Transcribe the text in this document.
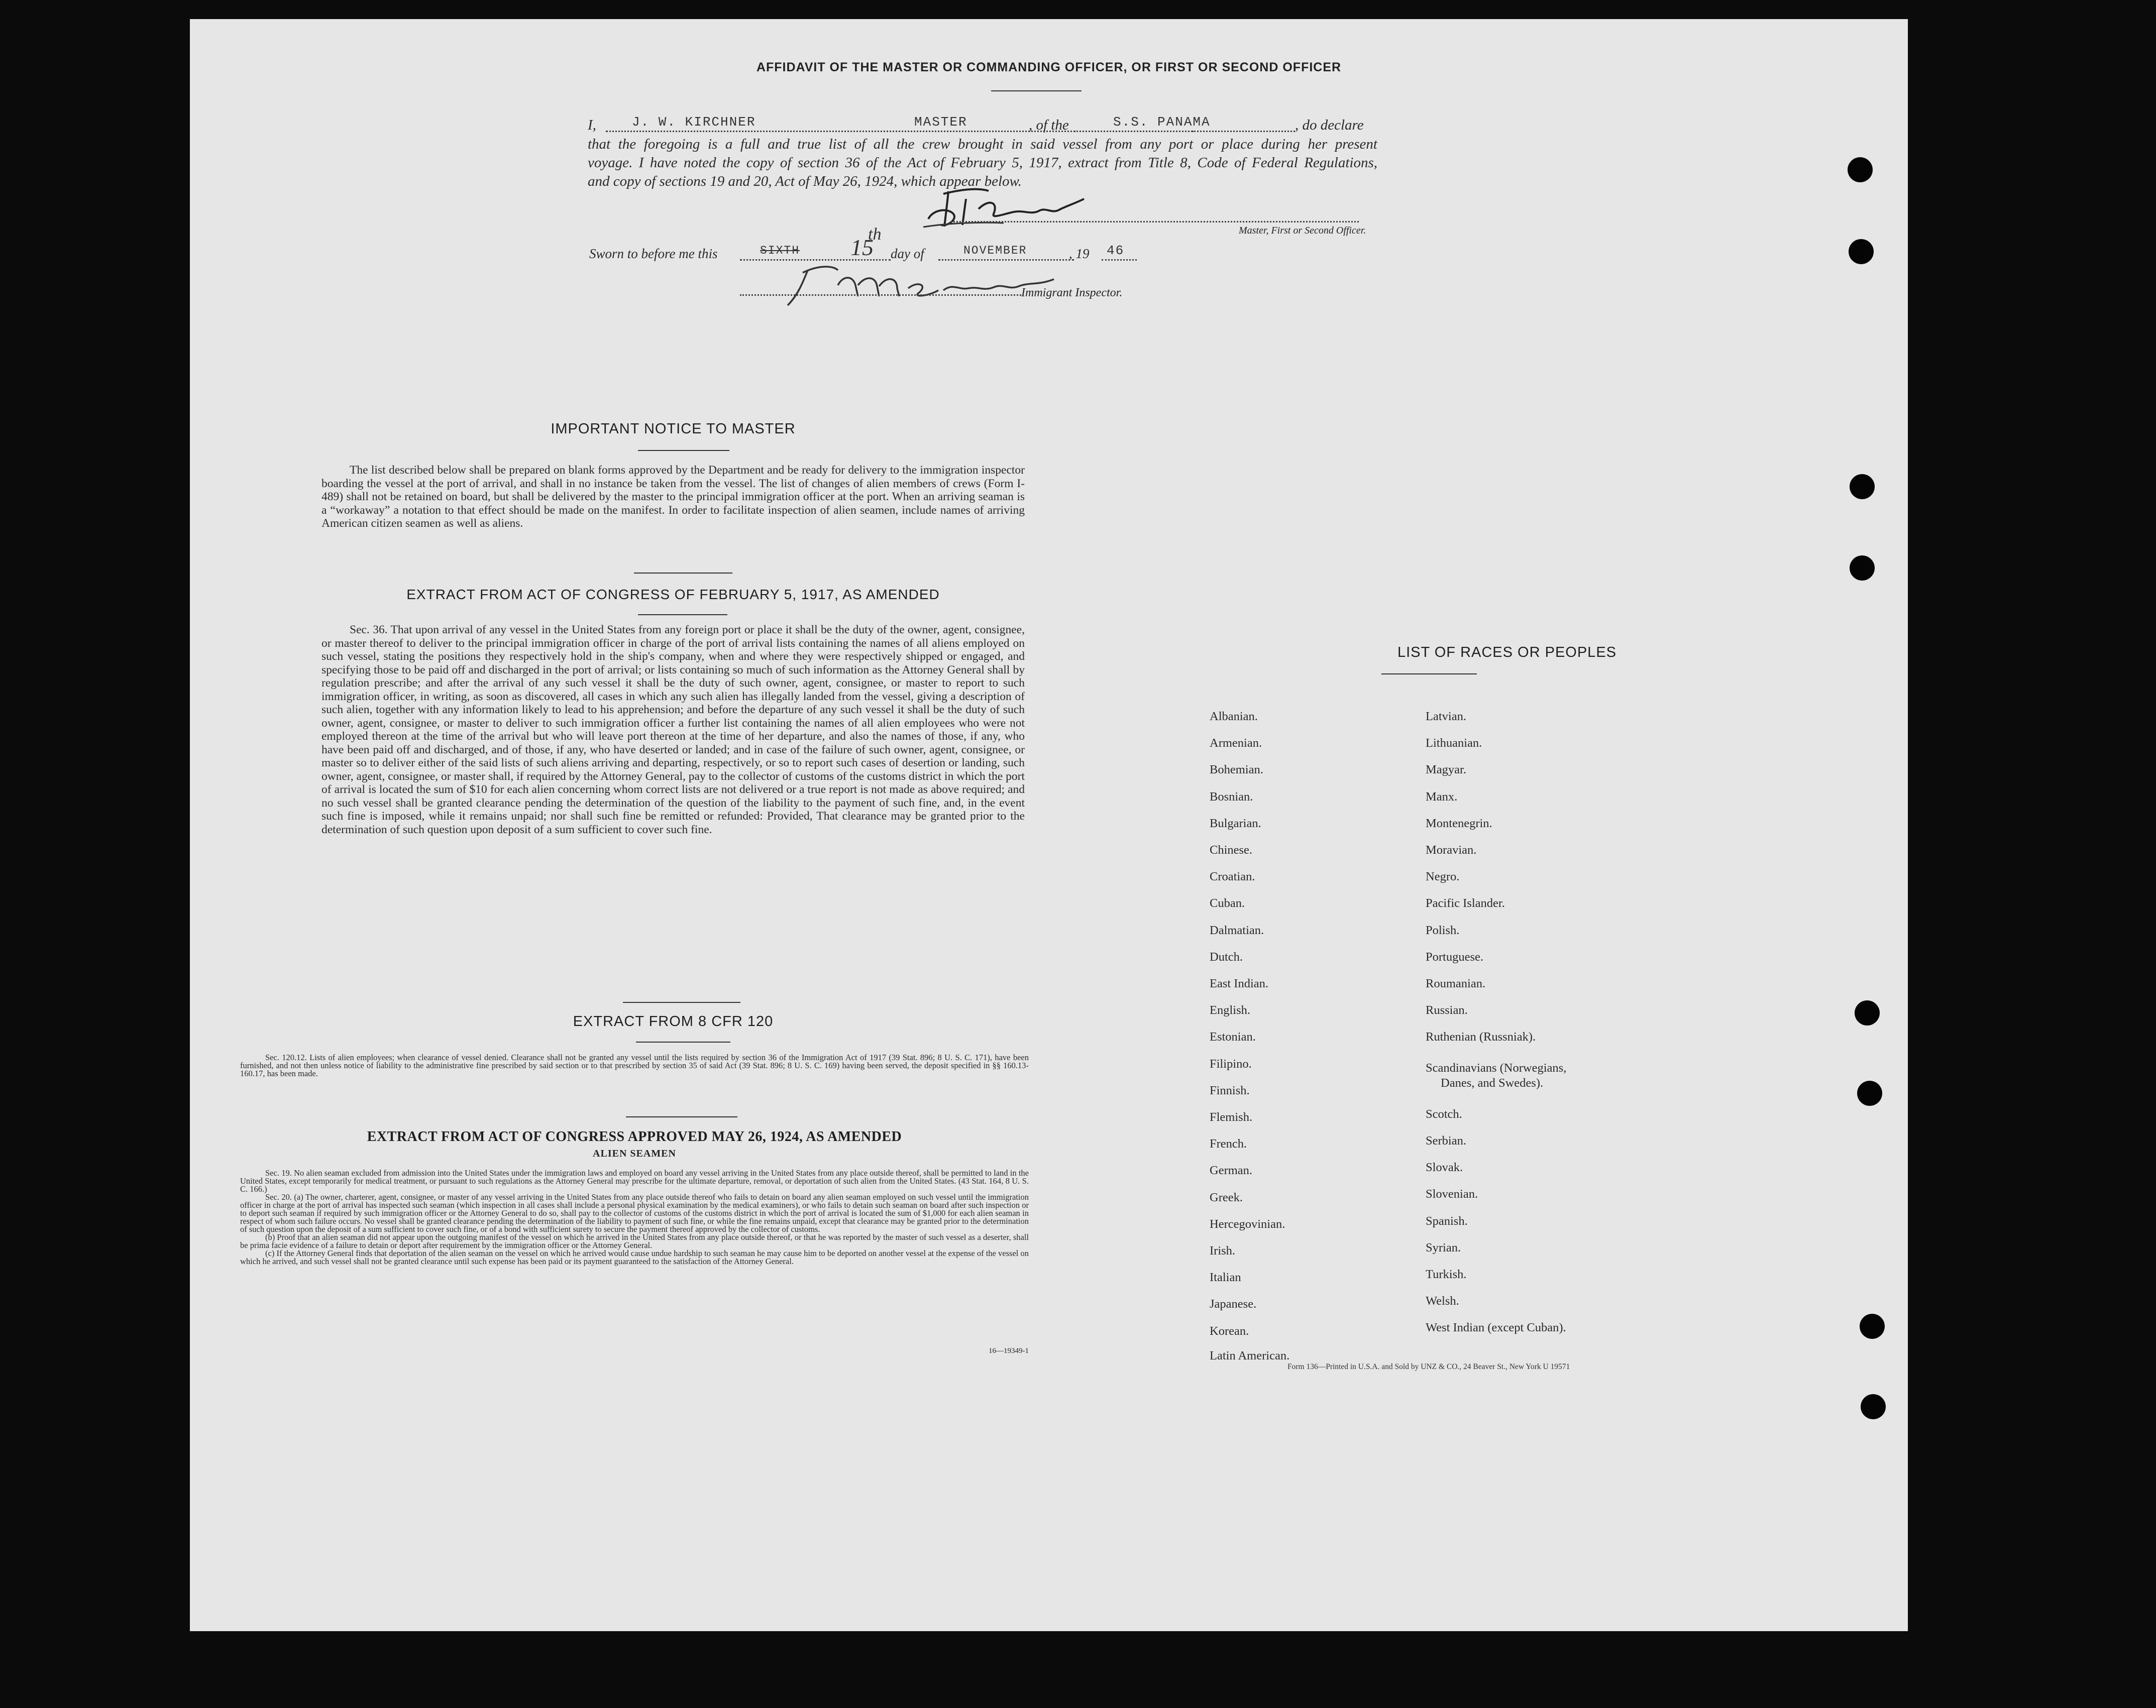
AFFIDAVIT OF THE MASTER OR COMMANDING OFFICER, OR FIRST OR SECOND OFFICER
I,	J. W. KIRCHNER	MASTER	, of the	S.S. PANAMA	, do declare
that the foregoing is a full and true list of all the crew brought in said vessel from any port or place during her present
voyage. I have noted the copy of section 36 of the Act of February 5, 1917, extract from Title 8, Code of Federal Regulations,
and copy of sections 19 and 20, Act of May 26, 1924, which appear below.
Master, First or Second Officer.
Sworn to before me this	SIXTH 15
th
day of	NOVEMBER	, 19 46
Immigrant Inspector.
IMPORTANT NOTICE TO MASTER

The list described below shall be prepared on blank forms approved by the Department and be ready for delivery to the immigration inspector boarding the vessel at the port of arrival, and shall in no instance be taken from the vessel. The list of changes of alien members of crews (Form I-489) shall not be retained on board, but shall be delivered by the master to the principal immigration officer at the port. When an arriving seaman is a “workaway” a notation to that effect should be made on the manifest. In order to facilitate inspection of alien seamen, include names of arriving American citizen seamen as well as aliens.

EXTRACT FROM ACT OF CONGRESS OF FEBRUARY 5, 1917, AS AMENDED

Sec. 36. That upon arrival of any vessel in the United States from any foreign port or place it shall be the duty of the owner, agent, consignee, or master thereof to deliver to the principal immigration officer in charge of the port of arrival lists containing the names of all aliens employed on such vessel, stating the positions they respectively hold in the ship's company, when and where they were respectively shipped or engaged, and specifying those to be paid off and discharged in the port of arrival; or lists containing so much of such information as the Attorney General shall by regulation prescribe; and after the arrival of any such vessel it shall be the duty of such owner, agent, consignee, or master to report to such immigration officer, in writing, as soon as discovered, all cases in which any such alien has illegally landed from the vessel, giving a description of such alien, together with any information likely to lead to his apprehension; and before the departure of any such vessel it shall be the duty of such owner, agent, consignee, or master to deliver to such immigration officer a further list containing the names of all alien employees who were not employed thereon at the time of the arrival but who will leave port thereon at the time of her departure, and also the names of those, if any, who have been paid off and discharged, and of those, if any, who have deserted or landed; and in case of the failure of such owner, agent, consignee, or master so to deliver either of the said lists of such aliens arriving and departing, respectively, or so to report such cases of desertion or landing, such owner, agent, consignee, or master shall, if required by the Attorney General, pay to the collector of customs of the customs district in which the port of arrival is located the sum of $10 for each alien concerning whom correct lists are not delivered or a true report is not made as above required; and no such vessel shall be granted clearance pending the determination of the question of the liability to the payment of such fine, and, in the event such fine is imposed, while it remains unpaid; nor shall such fine be remitted or refunded: Provided, That clearance may be granted prior to the determination of such question upon deposit of a sum sufficient to cover such fine.

EXTRACT FROM 8 CFR 120

Sec. 120.12. Lists of alien employees; when clearance of vessel denied. Clearance shall not be granted any vessel until the lists required by section 36 of the Immigration Act of 1917 (39 Stat. 896; 8 U. S. C. 171), have been furnished, and not then unless notice of liability to the administrative fine prescribed by said section or to that prescribed by section 35 of said Act (39 Stat. 896; 8 U. S. C. 169) having been served, the deposit specified in §§ 160.13-160.17, has been made.

EXTRACT FROM ACT OF CONGRESS APPROVED MAY 26, 1924, AS AMENDED
ALIEN SEAMEN

Sec. 19. No alien seaman excluded from admission into the United States under the immigration laws and employed on board any vessel arriving in the United States from any place outside thereof, shall be permitted to land in the United States, except temporarily for medical treatment, or pursuant to such regulations as the Attorney General may prescribe for the ultimate departure, removal, or deportation of such alien from the United States. (43 Stat. 164, 8 U. S. C. 166.)

Sec. 20. (a) The owner, charterer, agent, consignee, or master of any vessel arriving in the United States from any place outside thereof who fails to detain on board any alien seaman employed on such vessel until the immigration officer in charge at the port of arrival has inspected such seaman (which inspection in all cases shall include a personal physical examination by the medical examiners), or who fails to detain such seaman on board after such inspection or to deport such seaman if required by such immigration officer or the Attorney General to do so, shall pay to the collector of customs of the customs district in which the port of arrival is located the sum of $1,000 for each alien seaman in respect of whom such failure occurs. No vessel shall be granted clearance pending the determination of the liability to payment of such fine, or while the fine remains unpaid, except that clearance may be granted prior to the determination of such question upon the deposit of a sum sufficient to cover such fine, or of a bond with sufficient surety to secure the payment thereof approved by the collector of customs.

(b) Proof that an alien seaman did not appear upon the outgoing manifest of the vessel on which he arrived in the United States from any place outside thereof, or that he was reported by the master of such vessel as a deserter, shall be prima facie evidence of a failure to detain or deport after requirement by the immigration officer or the Attorney General.

(c) If the Attorney General finds that deportation of the alien seaman on the vessel on which he arrived would cause undue hardship to such seaman he may cause him to be deported on another vessel at the expense of the vessel on which he arrived, and such vessel shall not be granted clearance until such expense has been paid or its payment guaranteed to the satisfaction of the Attorney General.

16—19349-1
LIST OF RACES OR PEOPLES
Form 136—Printed in U.S.A. and Sold by UNZ & CO., 24 Beaver St., New York U 19571
Albanian.
Armenian.
Bohemian.
Bosnian.
Bulgarian.
Chinese.
Croatian.
Cuban.
Dalmatian.
Dutch.
East Indian.
English.
Estonian.
Filipino.
Finnish.
Flemish.
French.
German.
Greek.
Hercegovinian.
Irish.
Italian
Japanese.
Korean.
Latin American.
Latvian.
Lithuanian.
Magyar.
Manx.
Montenegrin.
Moravian.
Negro.
Pacific Islander.
Polish.
Portuguese.
Roumanian.
Russian.
Ruthenian (Russniak).
Scandinavians (Norwegians,
Scotch.
Serbian.
Slovak.
Slovenian.
Spanish.
Syrian.
Turkish.
Welsh.
West Indian (except Cuban).
Danes, and Swedes).
